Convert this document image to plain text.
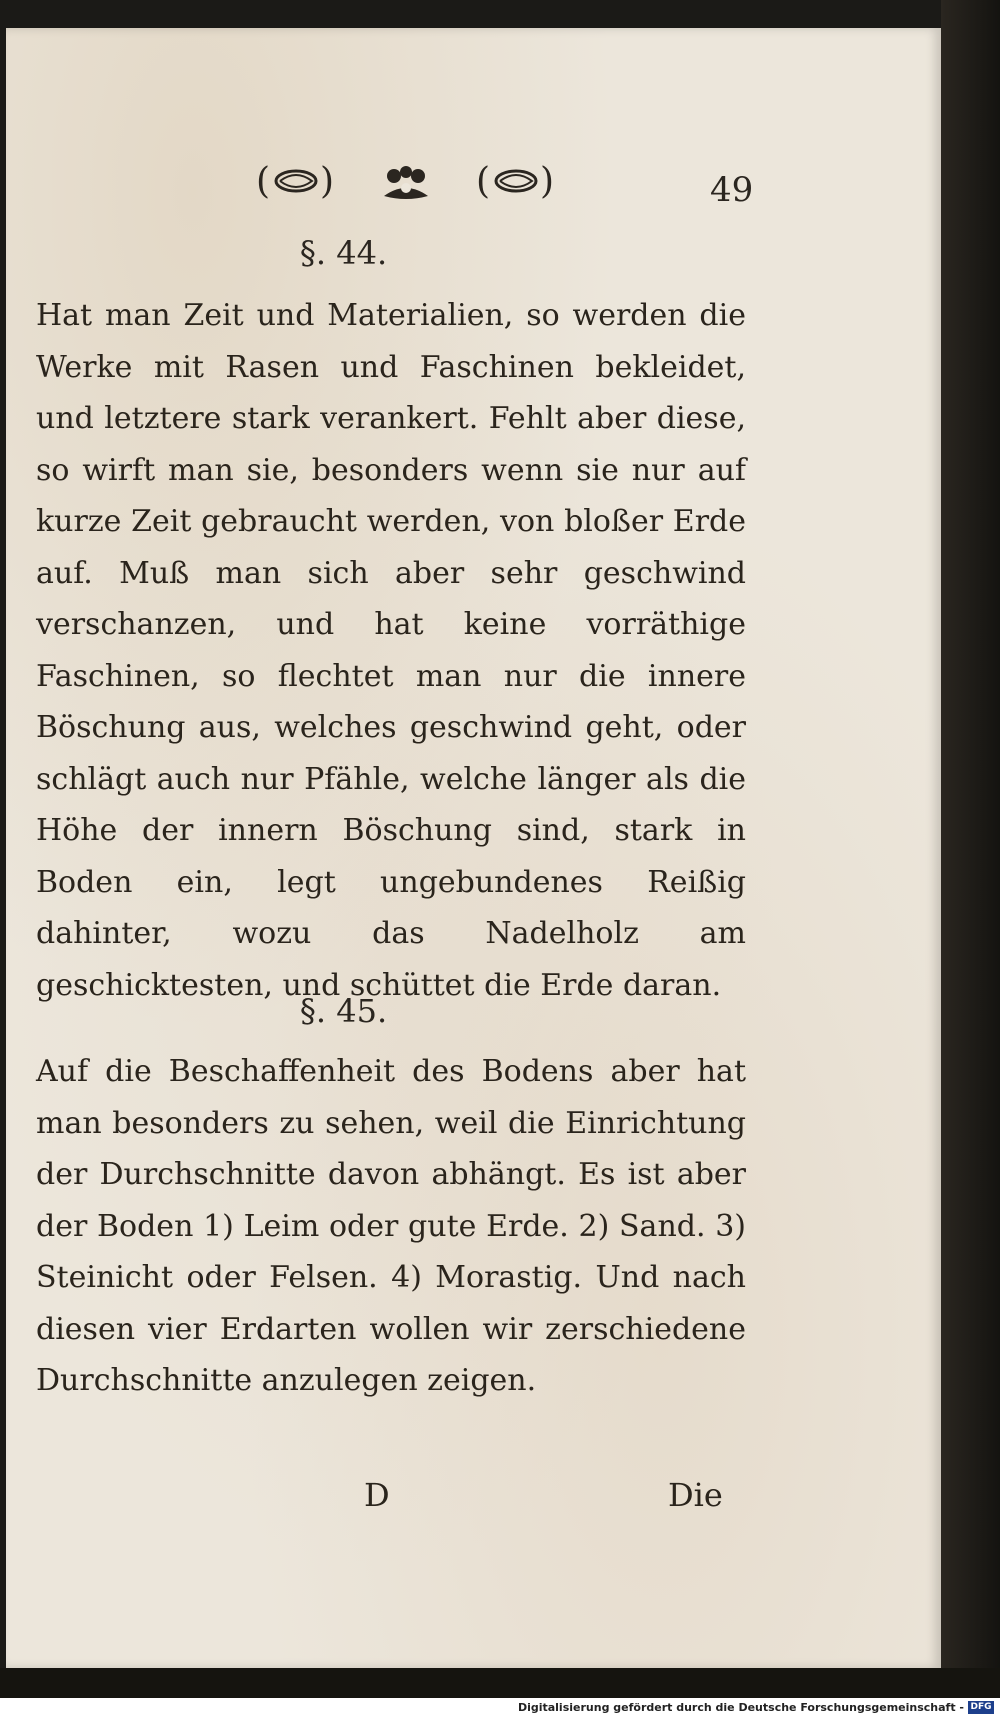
( )	( )	49
§. 44.

Hat man Zeit und Materialien, so werden die Werke mit Rasen und Faschinen bekleidet, und letztere stark verankert. Fehlt aber diese, so wirft man sie, besonders wenn sie nur auf kurze Zeit gebraucht werden, von bloßer Erde auf. Muß man sich aber sehr geschwind verschanzen, und hat keine vorräthige Faschinen, so flechtet man nur die innere Böschung aus, welches geschwind geht, oder schlägt auch nur Pfähle, welche länger als die Höhe der innern Böschung sind, stark in Boden ein, legt ungebundenes Reißig dahinter, wozu das Nadelholz am geschicktesten, und schüttet die Erde daran.

§. 45.

Auf die Beschaffenheit des Bodens aber hat man besonders zu sehen, weil die Einrichtung der Durchschnitte davon abhängt. Es ist aber der Boden 1) Leim oder gute Erde. 2) Sand. 3) Steinicht oder Felsen. 4) Morastig. Und nach diesen vier Erdarten wollen wir zerschiedene Durchschnitte anzulegen zeigen.

D	Die
Digitalisierung gefördert durch die Deutsche Forschungsgemeinschaft - DFG
